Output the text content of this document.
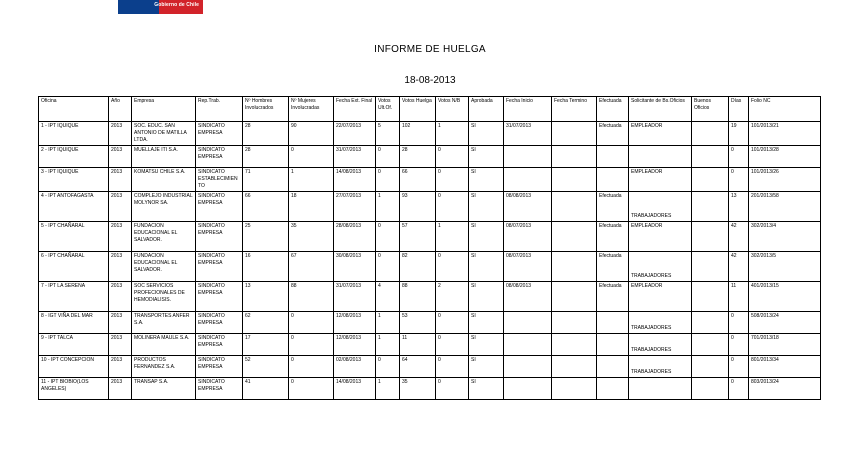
Gobierno de Chile
INFORME DE HUELGA
18-08-2013
Oficina	Año	Empresa	Rep.Trab.	Nº Hombres Involucrados	Nº Mujeres Involucradas	Fecha Ext. Final	Votos Ult.Of.	Votos Huelga	Votos N/B	Aprobada	Fecha Inicio	Fecha Termino	Efectuada	Solicitante de Bs.Oficios	Buenos Oficios	Días	Folio NC
1 - IPT IQUIQUE	2013	SOC. EDUC. SAN ANTONIO DE MATILLA LTDA.	SINDICATO EMPRESA	28	90	22/07/2013	5	102	1	SI	31/07/2013		Efectuada	EMPLEADOR		19	101/2013/21
2 - IPT IQUIQUE	2013	MUELLAJE ITI S.A.	SINDICATO EMPRESA	28	0	31/07/2013	0	28	0	SI						0	101/2013/28
3 - IPT IQUIQUE	2013	KOMATSU CHILE S.A.	SINDICATO ESTABLECIMIENTO	71	1	14/08/2013	0	66	0	SI				EMPLEADOR		0	101/2013/26
4 - IPT ANTOFAGASTA	2013	COMPLEJO INDUSTRIAL MOLYNOR SA.	SINDICATO EMPRESA	66	18	27/07/2013	1	93	0	SI	08/08/2013		Efectuada	TRABAJADORES		13	201/2013/58
5 - IPT CHAÑARAL	2013	FUNDACION EDUCACIONAL EL SALVADOR.	SINDICATO EMPRESA	25	35	28/08/2013	0	57	1	SI	08/07/2013		Efectuada	EMPLEADOR		42	302/2013/4
6 - IPT CHAÑARAL	2013	FUNDACION EDUCACIONAL EL SALVADOR.	SINDICATO EMPRESA	16	67	30/08/2013	0	82	0	SI	08/07/2013		Efectuada	TRABAJADORES		42	302/2013/5
7 - IPT LA SERENA	2013	SOC SERVICIOS PROFECIONALES DE HEMODIALISIS.	SINDICATO EMPRESA	13	88	31/07/2013	4	88	2	SI	08/08/2013		Efectuada	EMPLEADOR		11	401/2013/15
8 - IGT VIÑA DEL MAR	2013	TRANSPORTES ANFER S.A.	SINDICATO EMPRESA	62	0	12/08/2013	1	53	0	SI				TRABAJADORES		0	508/2013/24
9 - IPT TALCA	2013	MOLINERA MAULE S.A.	SINDICATO EMPRESA	17	0	12/08/2013	1	11	0	SI				TRABAJADORES		0	701/2013/18
10 - IPT CONCEPCION	2013	PRODUCTOS FERNANDEZ S.A.	SINDICATO EMPRESA	52	0	02/08/2013	0	64	0	SI				TRABAJADORES		0	801/2013/34
11 - IPT BIOBIO(LOS ANGELES)	2013	TRANSAP S.A.	SINDICATO EMPRESA	41	0	14/08/2013	1	35	0	SI						0	803/2013/24
